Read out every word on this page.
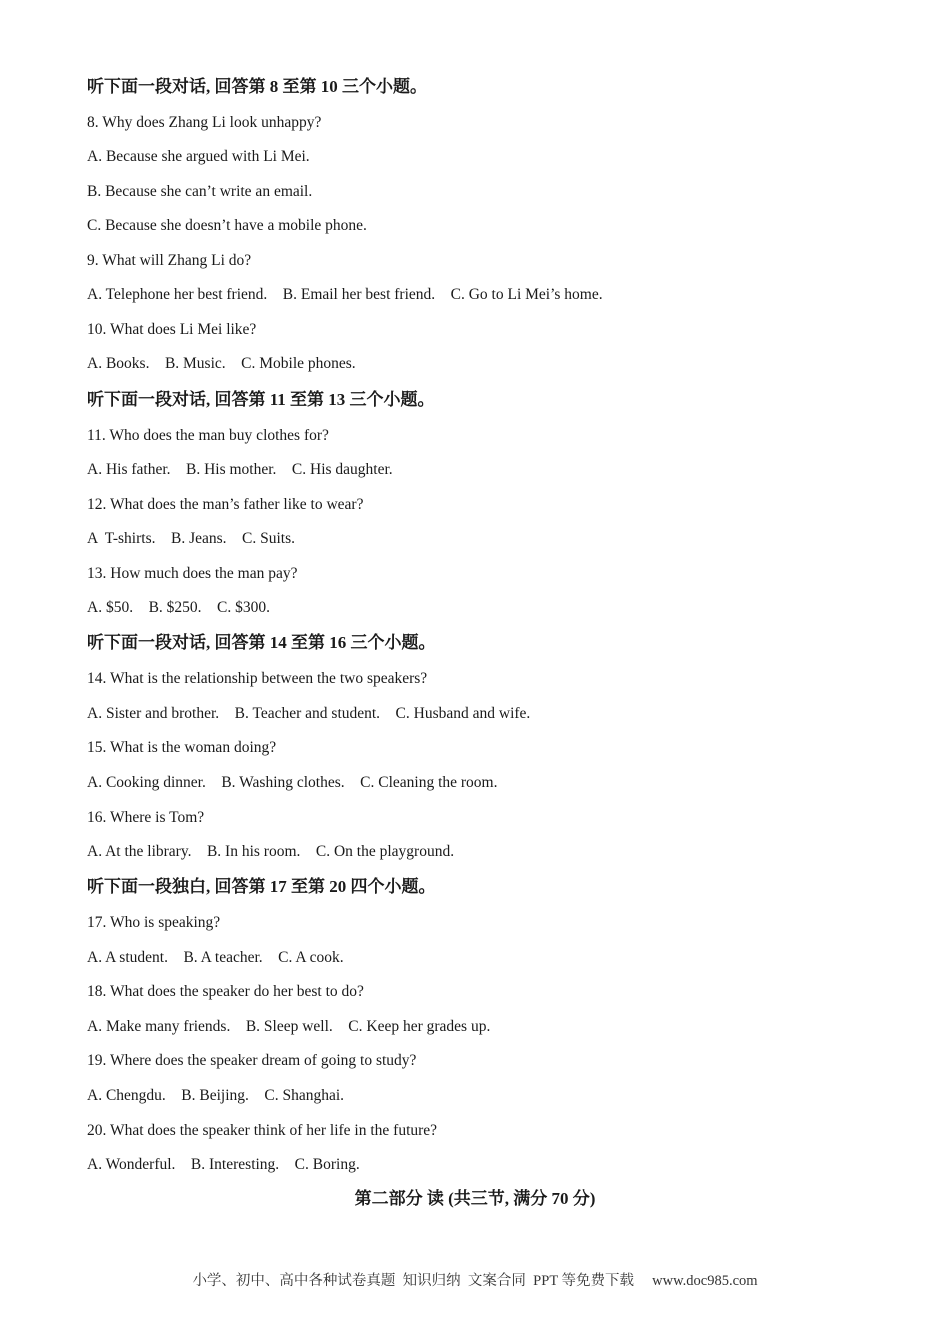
听下面一段对话, 回答第 8 至第 10 三个小题。
8. Why does Zhang Li look unhappy?
A. Because she argued with Li Mei.
B. Because she can’t write an email.
C. Because she doesn’t have a mobile phone.
9. What will Zhang Li do?
A. Telephone her best friend.    B. Email her best friend.    C. Go to Li Mei’s home.
10. What does Li Mei like?
A. Books.    B. Music.    C. Mobile phones.
听下面一段对话, 回答第 11 至第 13 三个小题。
11. Who does the man buy clothes for?
A. His father.    B. His mother.    C. His daughter.
12. What does the man’s father like to wear?
A  T-shirts.    B. Jeans.    C. Suits.
13. How much does the man pay?
A. $50.    B. $250.    C. $300.
听下面一段对话, 回答第 14 至第 16 三个小题。
14. What is the relationship between the two speakers?
A. Sister and brother.    B. Teacher and student.    C. Husband and wife.
15. What is the woman doing?
A. Cooking dinner.    B. Washing clothes.    C. Cleaning the room.
16. Where is Tom?
A. At the library.    B. In his room.    C. On the playground.
听下面一段独白, 回答第 17 至第 20 四个小题。
17. Who is speaking?
A. A student.    B. A teacher.    C. A cook.
18. What does the speaker do her best to do?
A. Make many friends.    B. Sleep well.    C. Keep her grades up.
19. Where does the speaker dream of going to study?
A. Chengdu.    B. Beijing.    C. Shanghai.
20. What does the speaker think of her life in the future?
A. Wonderful.    B. Interesting.    C. Boring.
第二部分 读 (共三节, 满分 70 分)
小学、初中、高中各种试卷真题  知识归纳  文案合同  PPT 等免费下载     www.doc985.com
